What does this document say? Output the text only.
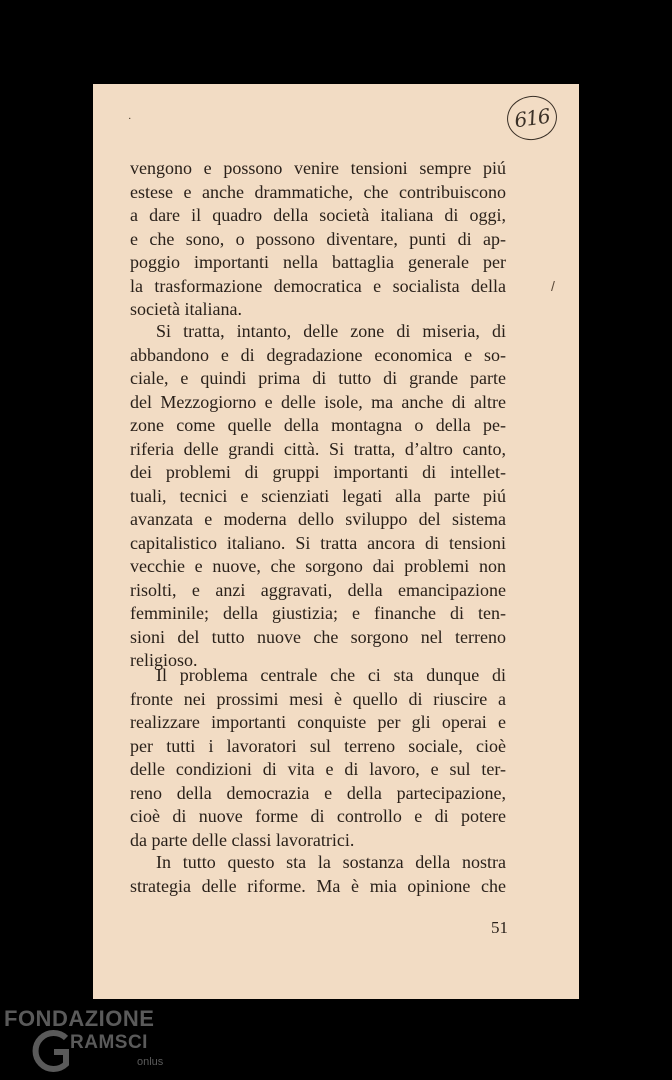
616
˙
/
vengono e possono venire tensioni sempre piú
estese e anche drammatiche, che contribuiscono
a dare il quadro della società italiana di oggi,
e che sono, o possono diventare, punti di ap-
poggio importanti nella battaglia generale per
la trasformazione democratica e socialista della
società italiana.
Si tratta, intanto, delle zone di miseria, di
abbandono e di degradazione economica e so-
ciale, e quindi prima di tutto di grande parte
del Mezzogiorno e delle isole, ma anche di altre
zone come quelle della montagna o della pe-
riferia delle grandi città. Si tratta, d’altro canto,
dei problemi di gruppi importanti di intellet-
tuali, tecnici e scienziati legati alla parte piú
avanzata e moderna dello sviluppo del sistema
capitalistico italiano. Si tratta ancora di tensioni
vecchie e nuove, che sorgono dai problemi non
risolti, e anzi aggravati, della emancipazione
femminile; della giustizia; e finanche di ten-
sioni del tutto nuove che sorgono nel terreno
religioso.
Il problema centrale che ci sta dunque di
fronte nei prossimi mesi è quello di riuscire a
realizzare importanti conquiste per gli operai e
per tutti i lavoratori sul terreno sociale, cioè
delle condizioni di vita e di lavoro, e sul ter-
reno della democrazia e della partecipazione,
cioè di nuove forme di controllo e di potere
da parte delle classi lavoratrici.
In tutto questo sta la sostanza della nostra
strategia delle riforme. Ma è mia opinione che
51
FONDAZIONE
RAMSCI
onlus
